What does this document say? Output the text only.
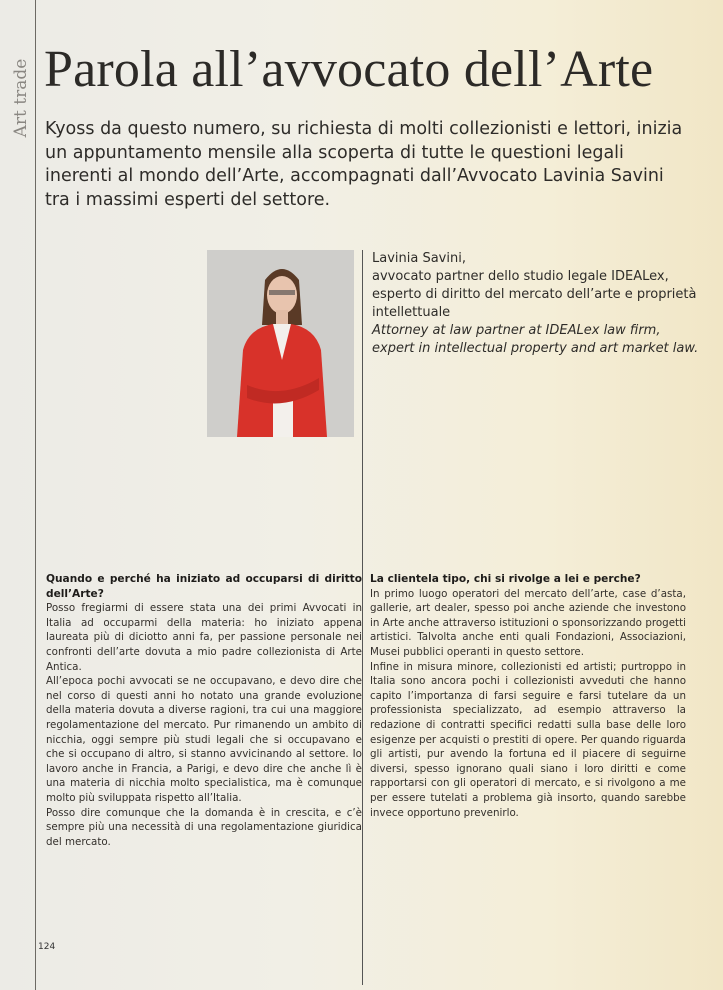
Art trade Parola all’avvocato dell’Arte
Kyoss da questo numero, su richiesta di molti collezionisti e lettori, inizia un appuntamento mensile alla scoperta di tutte le questioni legali inerenti al mondo dell’Arte, accompagnati dall’Avvocato Lavinia Savini tra i massimi esperti del settore.
Lavinia Savini,
avvocato partner dello studio legale IDEALex, esperto di diritto del mercato dell’arte e proprietà intellettuale
Attorney at law partner at IDEALex law firm, expert in intellectual property and art market law.
Quando e perché ha iniziato ad occuparsi di diritto dell’Arte?

Posso fregiarmi di essere stata una dei primi Avvocati in Italia ad occuparmi della materia: ho iniziato appena laureata più di diciotto anni fa, per passione personale nei confronti dell’arte dovuta a mio padre collezionista di Arte Antica.

All’epoca pochi avvocati se ne occupavano, e devo dire che nel corso di questi anni ho notato una grande evoluzione della materia dovuta a diverse ragioni, tra cui una maggiore regolamentazione del mercato. Pur rimanendo un ambito di nicchia, oggi sempre più studi legali che si occupavano e che si occupano di altro, si stanno avvicinando al settore. Io lavoro anche in Francia, a Parigi, e devo dire che anche lì è una materia di nicchia molto specialistica, ma è comunque molto più sviluppata rispetto all’Italia.

Posso dire comunque che la domanda è in crescita, e c’è sempre più una necessità di una regolamentazione giuridica del mercato.

La clientela tipo, chi si rivolge a lei e perche?

In primo luogo operatori del mercato dell’arte, case d’asta, gallerie, art dealer, spesso poi anche aziende che investono in Arte anche attraverso istituzioni o sponsorizzando progetti artistici. Talvolta anche enti quali Fondazioni, Associazioni, Musei pubblici operanti in questo settore.

Infine in misura minore, collezionisti ed artisti; purtroppo in Italia sono ancora pochi i collezionisti avveduti che hanno capito l’importanza di farsi seguire e farsi tutelare da un professionista specializzato, ad esempio attraverso la redazione di contratti specifici redatti sulla base delle loro esigenze per acquisti o prestiti di opere. Per quando riguarda gli artisti, pur avendo la fortuna ed il piacere di seguirne diversi, spesso ignorano quali siano i loro diritti e come rapportarsi con gli operatori di mercato, e si rivolgono a me per essere tutelati a problema già insorto, quando sarebbe invece opportuno prevenirlo.

124
